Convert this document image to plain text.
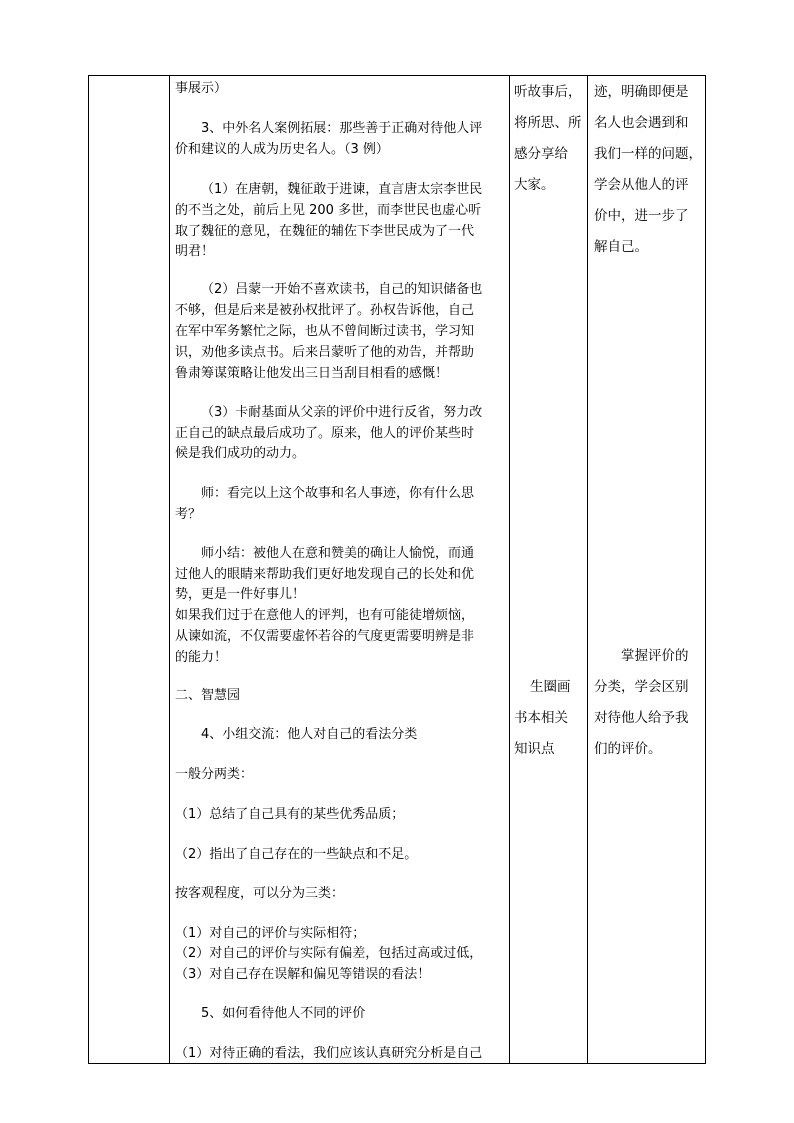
事展示）
3、中外名人案例拓展：那些善于正确对待他人评
价和建议的人成为历史名人。（3 例）
（1）在唐朝，魏征敢于进谏，直言唐太宗李世民
的不当之处，前后上见 200 多世，而李世民也虚心听
取了魏征的意见，在魏征的辅佐下李世民成为了一代
明君！
（2）吕蒙一开始不喜欢读书，自己的知识储备也
不够，但是后来是被孙权批评了。孙权告诉他，自己
在军中军务繁忙之际，也从不曾间断过读书，学习知
识，劝他多读点书。后来吕蒙听了他的劝告，并帮助
鲁肃筹谋策略让他发出三日当刮目相看的感慨！
（3）卡耐基面从父亲的评价中进行反省，努力改
正自己的缺点最后成功了。原来，他人的评价某些时
候是我们成功的动力。
师：看完以上这个故事和名人事迹，你有什么思
考？
师小结：被他人在意和赞美的确让人愉悦，而通
过他人的眼睛来帮助我们更好地发现自己的长处和优
势，更是一件好事儿！
如果我们过于在意他人的评判，也有可能徒增烦恼，
从谏如流，不仅需要虚怀若谷的气度更需要明辨是非
的能力！
二、智慧园
4、小组交流：他人对自己的看法分类
一般分两类：
（1）总结了自己具有的某些优秀品质；
（2）指出了自己存在的一些缺点和不足。
按客观程度，可以分为三类：
（1）对自己的评价与实际相符；
（2）对自己的评价与实际有偏差，包括过高或过低，
（3）对自己存在误解和偏见等错误的看法！
5、如何看待他人不同的评价
（1）对待正确的看法，我们应该认真研究分析是自己

听故事后，
将所思、所
感分享给
大家。
生圈画
书本相关
知识点

迹，明确即便是
名人也会遇到和
我们一样的问题，
学会从他人的评
价中，进一步了
解自己。
掌握评价的
分类，学会区别
对待他人给予我
们的评价。
